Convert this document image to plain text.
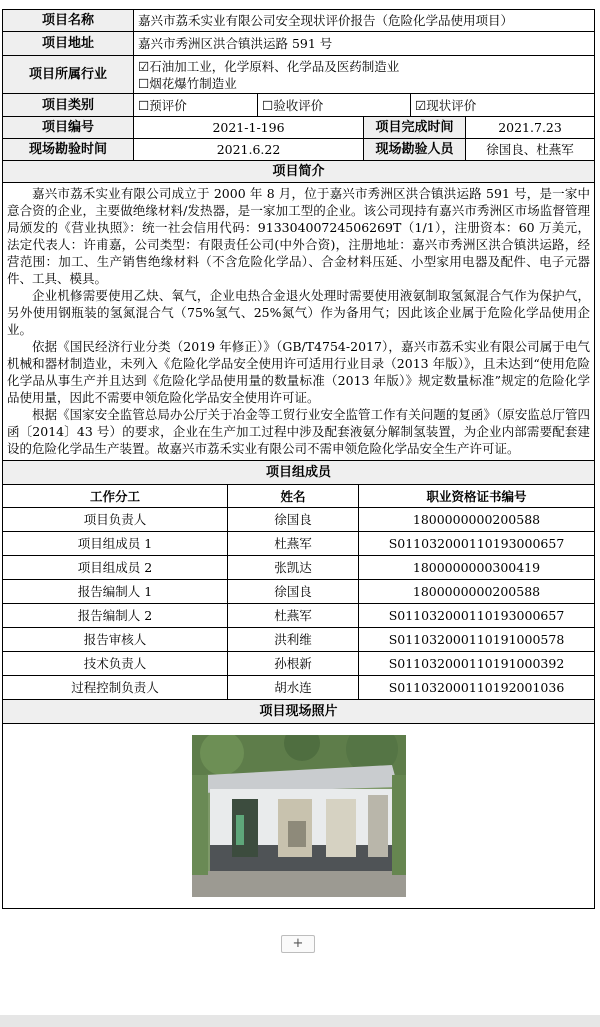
项目名称	嘉兴市荔禾实业有限公司安全现状评价报告（危险化学品使用项目）				
项目地址	嘉兴市秀洲区洪合镇洪运路 591 号				
项目所属行业	☑石油加工业，化学原料、化学品及医药制造业
☐烟花爆竹制造业				

项目类别	☐预评价	☐验收评价		☑现状评价	
项目编号	2021-1-196		项目完成时间		2021.7.23
现场勘验时间	2021.6.22		现场勘验人员		徐国良、杜燕军
项目简介					

嘉兴市荔禾实业有限公司成立于 2000 年 8 月，位于嘉兴市秀洲区洪合镇洪运路 591 号，是一家中意合资的企业，主要做绝缘材料/发热器，是一家加工型的企业。该公司现持有嘉兴市秀洲区市场监督管理局颁发的《营业执照》：统一社会信用代码：91330400724506269T（1/1），注册资本：60 万美元，法定代表人：许甫嘉，公司类型：有限责任公司(中外合资)，注册地址：嘉兴市秀洲区洪合镇洪运路，经营范围：加工、生产销售绝缘材料（不含危险化学品）、合金材料压延、小型家用电器及配件、电子元器件、工具、模具。

企业机修需要使用乙炔、氧气，企业电热合金退火处理时需要使用液氨制取氢氮混合气作为保护气，另外使用钢瓶装的氢氮混合气（75%氢气、25%氮气）作为备用气；因此该企业属于危险化学品使用企业。

依据《国民经济行业分类（2019 年修正）》（GB/T4754-2017），嘉兴市荔禾实业有限公司属于电气机械和器材制造业，未列入《危险化学品安全使用许可适用行业目录（2013 年版）》，且未达到“使用危险化学品从事生产并且达到《危险化学品使用量的数量标准（2013 年版）》规定数量标准”规定的危险化学品使用量，因此不需要申领危险化学品安全使用许可证。

根据《国家安全监管总局办公厅关于冶金等工贸行业安全监管工作有关问题的复函》（原安监总厅管四函〔2014〕43 号）的要求，企业在生产加工过程中涉及配套液氨分解制氢装置，为企业内部需要配套建设的危险化学品生产装置。故嘉兴市荔禾实业有限公司不需申领危险化学品安全生产许可证。					

项目组成员		
工作分工	姓名	职业资格证书编号
项目负责人	徐国良	1800000000200588
项目组成员 1	杜燕军	S011032000110193000657
项目组成员 2	张凯达	1800000000300419
报告编制人 1	徐国良	1800000000200588
报告编制人 2	杜燕军	S011032000110193000657
报告审核人	洪利维	S011032000110191000578
技术负责人	孙根新	S011032000110191000392
过程控制负责人	胡水连	S011032000110192001036
项目现场照片		

+
